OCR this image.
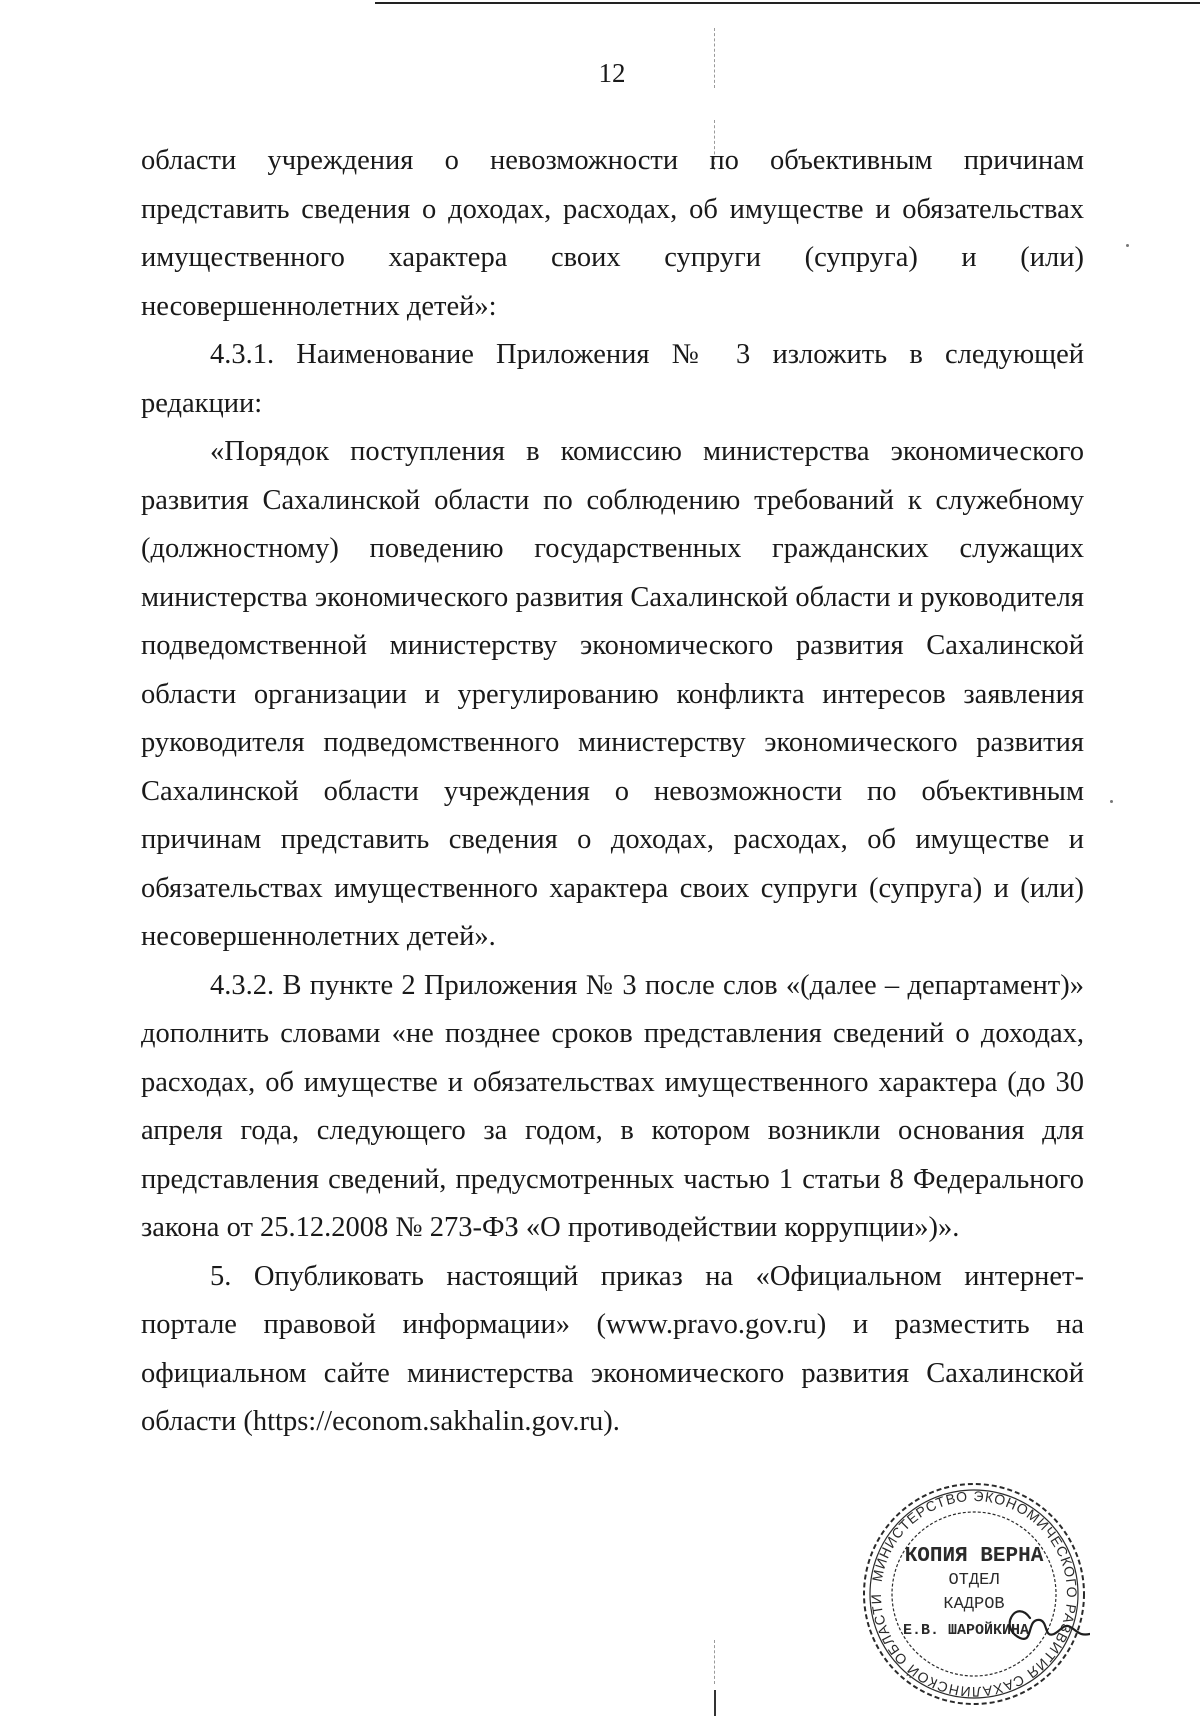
12

области учреждения о невозможности по объективным причинам представить сведения о доходах, расходах, об имуществе и обязательствах имущественного характера своих супруги (супруга) и (или) несовершеннолетних детей»:

4.3.1. Наименование Приложения № 3 изложить в следующей редакции:

«Порядок поступления в комиссию министерства экономического развития Сахалинской области по соблюдению требований к служебному (должностному) поведению государственных гражданских служащих министерства экономического развития Сахалинской области и руководителя подведомственной министерству экономического развития Сахалинской области организации и урегулированию конфликта интересов заявления руководителя подведомственного министерству экономического развития Сахалинской области учреждения о невозможности по объективным причинам представить сведения о доходах, расходах, об имуществе и обязательствах имущественного характера своих супруги (супруга) и (или) несовершеннолетних детей».

4.3.2. В пункте 2 Приложения № 3 после слов «(далее – департамент)» дополнить словами «не позднее сроков представления сведений о доходах, расходах, об имуществе и обязательствах имущественного характера (до 30 апреля года, следующего за годом, в котором возникли основания для представления сведений, предусмотренных частью 1 статьи 8 Федерального закона от 25.12.2008 № 273-ФЗ «О противодействии коррупции»)».

5. Опубликовать настоящий приказ на «Официальном интернет-портале правовой информации» (www.pravo.gov.ru) и разместить на официальном сайте министерства экономического развития Сахалинской области (https://econom.sakhalin.gov.ru).

МИНИСТЕРСТВО ЭКОНОМИЧЕСКОГО РАЗВИТИЯ САХАЛИНСКОЙ ОБЛАСТИ
КОПИЯ ВЕРНА
ОТДЕЛ
КАДРОВ
Е.В. ШАРОЙКИНА
